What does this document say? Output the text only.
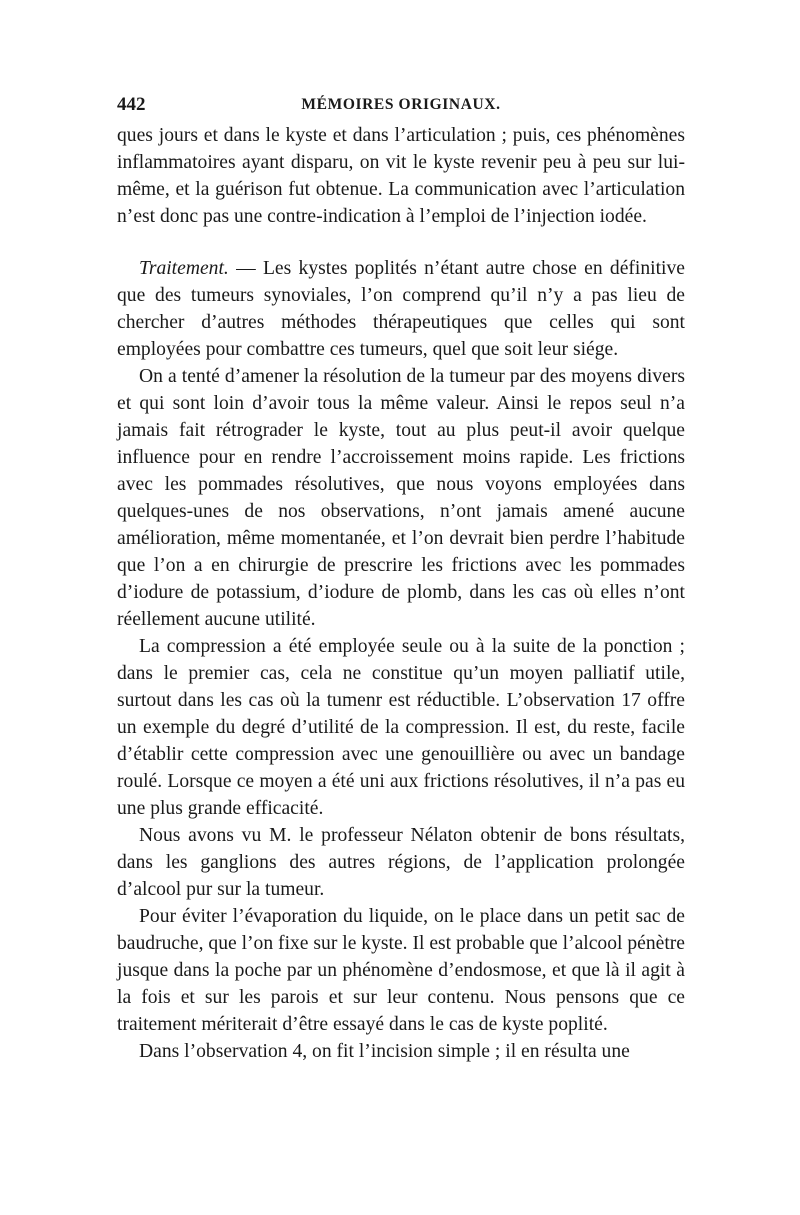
442	MÉMOIRES ORIGINAUX.

ques jours et dans le kyste et dans l’articulation ; puis, ces phénomènes inflammatoires ayant disparu, on vit le kyste revenir peu à peu sur lui-même, et la guérison fut obtenue. La communication avec l’articulation n’est donc pas une contre-indication à l’emploi de l’injection iodée.

Traitement. — Les kystes poplités n’étant autre chose en définitive que des tumeurs synoviales, l’on comprend qu’il n’y a pas lieu de chercher d’autres méthodes thérapeutiques que celles qui sont employées pour combattre ces tumeurs, quel que soit leur siége.

On a tenté d’amener la résolution de la tumeur par des moyens divers et qui sont loin d’avoir tous la même valeur. Ainsi le repos seul n’a jamais fait rétrograder le kyste, tout au plus peut-il avoir quelque influence pour en rendre l’accroissement moins rapide. Les frictions avec les pommades résolutives, que nous voyons employées dans quelques-unes de nos observations, n’ont jamais amené aucune amélioration, même momentanée, et l’on devrait bien perdre l’habitude que l’on a en chirurgie de prescrire les frictions avec les pommades d’iodure de potassium, d’iodure de plomb, dans les cas où elles n’ont réellement aucune utilité.

La compression a été employée seule ou à la suite de la ponction ; dans le premier cas, cela ne constitue qu’un moyen palliatif utile, surtout dans les cas où la tumenr est réductible. L’observation 17 offre un exemple du degré d’utilité de la compression. Il est, du reste, facile d’établir cette compression avec une genouillière ou avec un bandage roulé. Lorsque ce moyen a été uni aux frictions résolutives, il n’a pas eu une plus grande efficacité.

Nous avons vu M. le professeur Nélaton obtenir de bons résultats, dans les ganglions des autres régions, de l’application prolongée d’alcool pur sur la tumeur.

Pour éviter l’évaporation du liquide, on le place dans un petit sac de baudruche, que l’on fixe sur le kyste. Il est probable que l’alcool pénètre jusque dans la poche par un phénomène d’endosmose, et que là il agit à la fois et sur les parois et sur leur contenu. Nous pensons que ce traitement mériterait d’être essayé dans le cas de kyste poplité.

Dans l’observation 4, on fit l’incision simple ; il en résulta une
